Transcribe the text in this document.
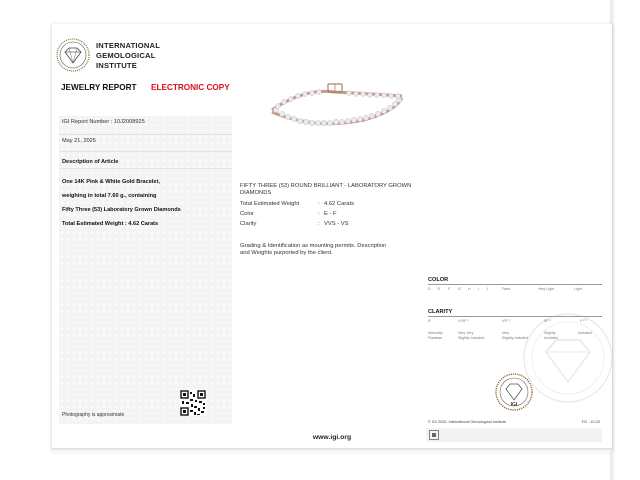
INTERNATIONAL
GEMOLOGICAL
INSTITUTE
JEWELRY REPORT ELECTRONIC COPY
IGI Report Number : 10J2008925
May 21, 2025
Description of Article
One 14K Pink & White Gold Bracelet,
weighing in total 7.60 g., containing
Fifty Three (53) Laboratory Grown Diamonds
Total Estimated Weight : 4.62 Carats
Photography is approximate
FIFTY THREE (53) ROUND BRILLIANT - LABORATORY GROWN
DIAMONDS
Total Estimated Weight	: 4.62 Carats
Color	: E - F
Clarity	: VVS - VS
Grading & Identification as mounting permits. Description
and Weights purported by the client.
COLOR
D E F G H I J	Faint	Very Light	Light
CLARITY
IF	VVS¹ ²	VS¹ ²	SI¹ ²	I¹ ² ³
Internally	Very Very	Very	Slightly	Included
Flawless	Slightly Included	Slightly Included	Included
IGI
© IGI 2020, International Gemological Institute	FD - 10.20
www.igi.org
